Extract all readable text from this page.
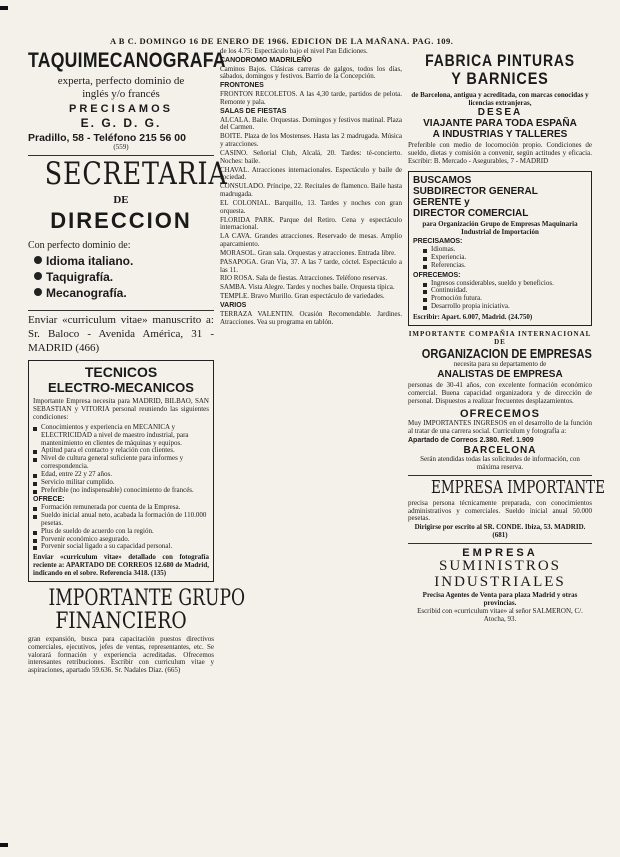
A B C. DOMINGO 16 DE ENERO DE 1966. EDICION DE LA MAÑANA. PAG. 109.
TAQUIMECANOGRAFA
experta, perfecto dominio de
inglés y/o francés
PRECISAMOS
E. G. D. G.
Pradillo, 58 - Teléfono 215 56 00
(559)
SECRETARIA
DE
DIRECCION
Con perfecto dominio de:
Idioma italiano.
Taquigrafía.
Mecanografía.
Enviar «curriculum vitae» manuscrito a: Sr. Baloco - Avenida América, 31 - MADRID (466)
TECNICOS
ELECTRO-MECANICOS
Importante Empresa necesita para MADRID, BILBAO, SAN SEBASTIAN y VITORIA personal reuniendo las siguientes condiciones:
Conocimientos y experiencia en MECANICA y ELECTRICIDAD a nivel de maestro industrial, para mantenimiento en clientes de máquinas y equipos.
Aptitud para el contacto y relación con clientes.
Nivel de cultura general suficiente para informes y correspondencia.
Edad, entre 22 y 27 años.
Servicio militar cumplido.
Preferible (no indispensable) conocimiento de francés.
OFRECE:
Formación remunerada por cuenta de la Empresa.
Sueldo inicial anual neto, acabada la formación de 110.000 pesetas.
Plus de sueldo de acuerdo con la región.
Porvenir económico asegurado.
Porvenir social ligado a su capacidad personal.
Enviar «curriculum vitae» detallado con fotografía reciente a: APARTADO DE CORREOS 12.680 de Madrid, indicando en el sobre. Referencia 3418. (135)
IMPORTANTE GRUPO
FINANCIERO
gran expansión, busca para capacitación puestos directivos comerciales, ejecutivos, jefes de ventas, representantes, etc. Se valorará formación y experiencia acreditadas. Ofrecemos interesantes retribuciones. Escribir con curriculum vitae y aspiraciones, apartado 59.636. Sr. Nadales Díaz. (665)

de los 4.75: Espectáculo bajo el nivel Pan Ediciones.

CANODROMO MADRILEÑO

Caminos Bajos. Clásicas carreras de galgos, todos los días, sábados, domingos y festivos. Barrio de la Concepción.

FRONTONES

FRONTON RECOLETOS. A las 4,30 tarde, partidos de pelota. Remonte y pala.

SALAS DE FIESTAS

ALCALA. Baile. Orquestas. Domingos y festivos matinal. Plaza del Carmen.

BOITE. Plaza de los Mostenses. Hasta las 2 madrugada. Música y atracciones.

CASINO. Señorial Club, Alcalá, 20. Tardes: té-concierto. Noches: baile.

CHAVAL. Atracciones internacionales. Espectáculo y baile de sociedad.

CONSULADO. Príncipe, 22. Recitales de flamenco. Baile hasta madrugada.

EL COLONIAL. Barquillo, 13. Tardes y noches con gran orquesta.

FLORIDA PARK. Parque del Retiro. Cena y espectáculo internacional.

LA CAVA. Grandes atracciones. Reservado de mesas. Amplio aparcamiento.

MORASOL. Gran sala. Orquestas y atracciones. Entrada libre.

PASAPOGA. Gran Vía, 37. A las 7 tarde, cóctel. Espectáculo a las 11.

RIO ROSA. Sala de fiestas. Atracciones. Teléfono reservas.

SAMBA. Vista Alegre. Tardes y noches baile. Orquesta típica.

TEMPLE. Bravo Murillo. Gran espectáculo de variedades.

VARIOS

TERRAZA VALENTIN. Ocasión Recomendable. Jardines. Atracciones. Vea su programa en tablón.

FABRICA PINTURAS
Y BARNICES
de Barcelona, antigua y acreditada, con marcas conocidas y licencias extranjeras,
DESEA
VIAJANTE PARA TODA ESPAÑA
A INDUSTRIAS Y TALLERES
Preferible con medio de locomoción propio. Condiciones de sueldo, dietas y comisión a convenir, según actitudes y eficacia. Escribir: B. Mercado - Asegurables, 7 - MADRID
BUSCAMOS
SUBDIRECTOR GENERAL
GERENTE y
DIRECTOR COMERCIAL
para Organización Grupo de Empresas Maquinaria Industrial de Importación
PRECISAMOS:
Idiomas.
Experiencia.
Referencias.
OFRECEMOS:
Ingresos considerables, sueldo y beneficios.
Continuidad.
Promoción futura.
Desarrollo propia iniciativa.
Escribir: Apart. 6.007, Madrid. (24.750)
IMPORTANTE COMPAÑIA INTERNACIONAL DE
ORGANIZACION DE EMPRESAS
necesita para su departamento de
ANALISTAS DE EMPRESA
personas de 30-41 años, con excelente formación económico comercial. Buena capacidad organizadora y de dirección de personal. Dispuestos a realizar frecuentes desplazamientos.
OFRECEMOS
Muy IMPORTANTES INGRESOS en el desarrollo de la función al tratar de una carrera social. Curriculum y fotografía a:
Apartado de Correos 2.380. Ref. 1.909
BARCELONA
Serán atendidas todas las solicitudes de información, con máxima reserva.
EMPRESA IMPORTANTE
precisa persona técnicamente preparada, con conocimientos administrativos y comerciales. Sueldo inicial anual 50.000 pesetas.
Dirigirse por escrito al SR. CONDE. Ibiza, 53. MADRID. (681)
EMPRESA
SUMINISTROS
INDUSTRIALES
Precisa Agentes de Venta para plaza Madrid y otras provincias.
Escribid con «curriculum vitae» al señor SALMERON, C/. Atocha, 93.
